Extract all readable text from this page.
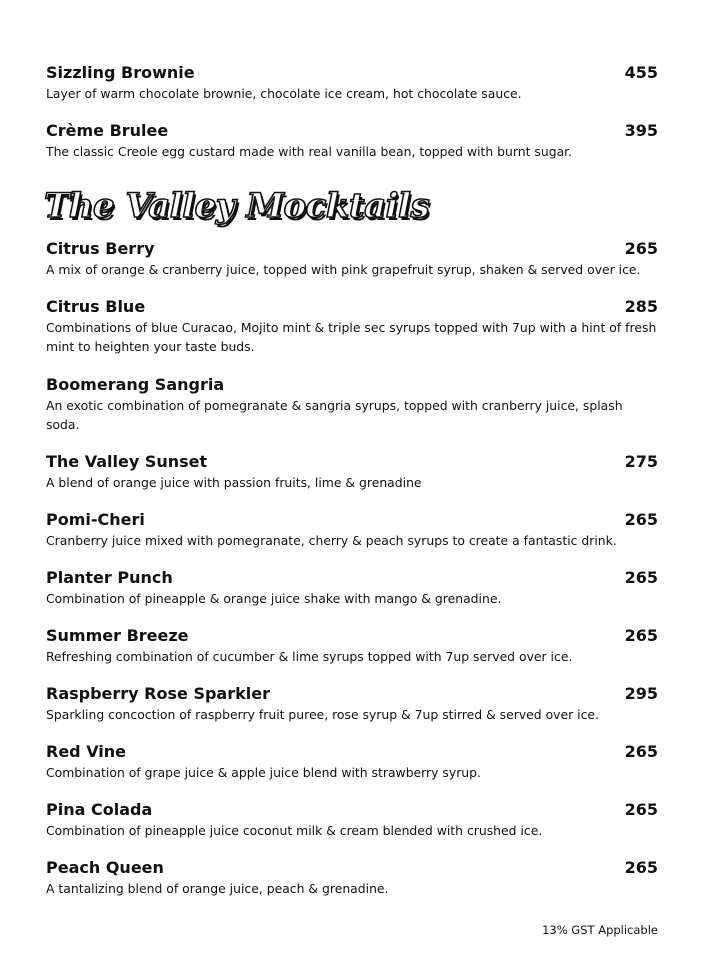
Sizzling Brownie	455
Layer of warm chocolate brownie, chocolate ice cream, hot chocolate sauce.
Crème Brulee	395
The classic Creole egg custard made with real vanilla bean, topped with burnt sugar.
The Valley Mocktails
Citrus Berry	265
A mix of orange & cranberry juice, topped with pink grapefruit syrup, shaken & served over ice.
Citrus Blue	285
Combinations of blue Curacao, Mojito mint & triple sec syrups topped with 7up with a hint of fresh mint to heighten your taste buds.
Boomerang Sangria
An exotic combination of pomegranate & sangria syrups, topped with cranberry juice, splash soda.
The Valley Sunset	275
A blend of orange juice with passion fruits, lime & grenadine
Pomi-Cheri	265
Cranberry juice mixed with pomegranate, cherry & peach syrups to create a fantastic drink.
Planter Punch	265
Combination of pineapple & orange juice shake with mango & grenadine.
Summer Breeze	265
Refreshing combination of cucumber & lime syrups topped with 7up served over ice.
Raspberry Rose Sparkler	295
Sparkling concoction of raspberry fruit puree, rose syrup & 7up stirred & served over ice.
Red Vine	265
Combination of grape juice & apple juice blend with strawberry syrup.
Pina Colada	265
Combination of pineapple juice coconut milk & cream blended with crushed ice.
Peach Queen	265
A tantalizing blend of orange juice, peach & grenadine.
13% GST Applicable
